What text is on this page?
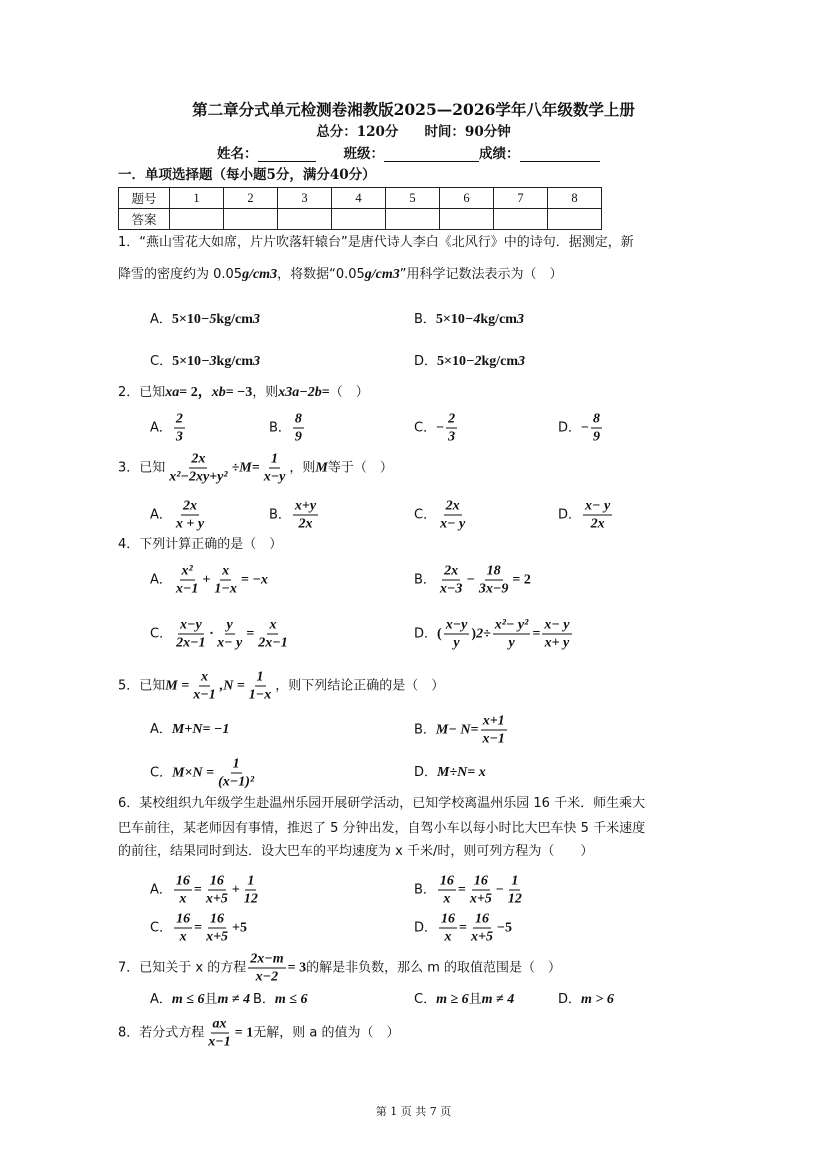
第二章分式单元检测卷湘教版2025—2026学年八年级数学上册
总分：120分 时间：90分钟
姓名：	班级：	成绩：
一．单项选择题（每小题5分，满分40分）
题号	1	2	3	4	5	6	7	8
答案								
1．“燕山雪花大如席，片片吹落轩辕台”是唐代诗人李白《北风行》中的诗句．据测定，新
降雪的密度约为 0.05 g/cm 3 ，将数据“0.05 g/cm 3 ”用科学记数法表示为（　）
A． 5×10 −5 kg/cm 3	B． 5×10 −4 kg/cm 3
C． 5×10 −3 kg/cm 3	D． 5×10 −2 kg/cm 3
2．已知 x a = 2， x b = −3 ，则 x 3a−2b = （　）
A． $\frac{2}{3}$	B． $\frac{8}{9}$	C． − $\frac{2}{3}$	D． − $\frac{8}{9}$
3．已知 $\frac{2x}{\text{x²−2xy+y²}} \div M= \frac{1}{x-y}$ ，则 M 等于（　）
A． $\frac{2x}{x + y}$	B． $\frac{x+y}{2x}$	C． $\frac{2x}{x- y}$	D． $\frac{x- y}{2x}$
4．下列计算正确的是（　）
A． $\frac{\text{x²}}{x-1} + \frac{x}{1-x} = -x$	B． $\frac{2x}{x-3} - \frac{18}{3x-9} = 2$
C． $\frac{x-y}{2x-1} \cdot \frac{y}{x- y} = \frac{x}{2x-1}$	D． ( $\frac{x-y}{y}$ ) $2 \div \frac{\text{x²− y²}}{y} = \frac{x- y}{x+ y}$
5．已知 $M = \frac{x}{x-1} ,N = \frac{1}{1-x}$ ，则下列结论正确的是（　）
A． M+N= −1	B． $M- N= \frac{x+1}{x-1}$
C． $M\times N = \frac{1}{\text{(x−1)²}}$	D． M÷N= x
6．某校组织九年级学生赴温州乐园开展研学活动，已知学校离温州乐园 16 千米．师生乘大
巴车前往，某老师因有事情，推迟了 5 分钟出发，自驾小车以每小时比大巴车快 5 千米速度
的前往，结果同时到达．设大巴车的平均速度为 x 千米/时，则可列方程为（　　）
A． $\frac{16}{x} = \frac{16}{x+5} + \frac{1}{12}$	B． $\frac{16}{x} = \frac{16}{x+5} - \frac{1}{12}$
C． $\frac{16}{x} = \frac{16}{x+5} +5$	D． $\frac{16}{x} = \frac{16}{x+5} -5$
7．已知关于 x 的方程 $\frac{2x-m}{x-2} = 3$ 的解是非负数，那么 m 的取值范围是（　）
A． m ≤ 6 且 m ≠ 4 B． m ≤ 6	C． m ≥ 6 且 m ≠ 4	D． m > 6
8．若分式方程 $\frac{ax}{x-1} = 1$ 无解，则 a 的值为（　）
第 1 页 共 7 页
